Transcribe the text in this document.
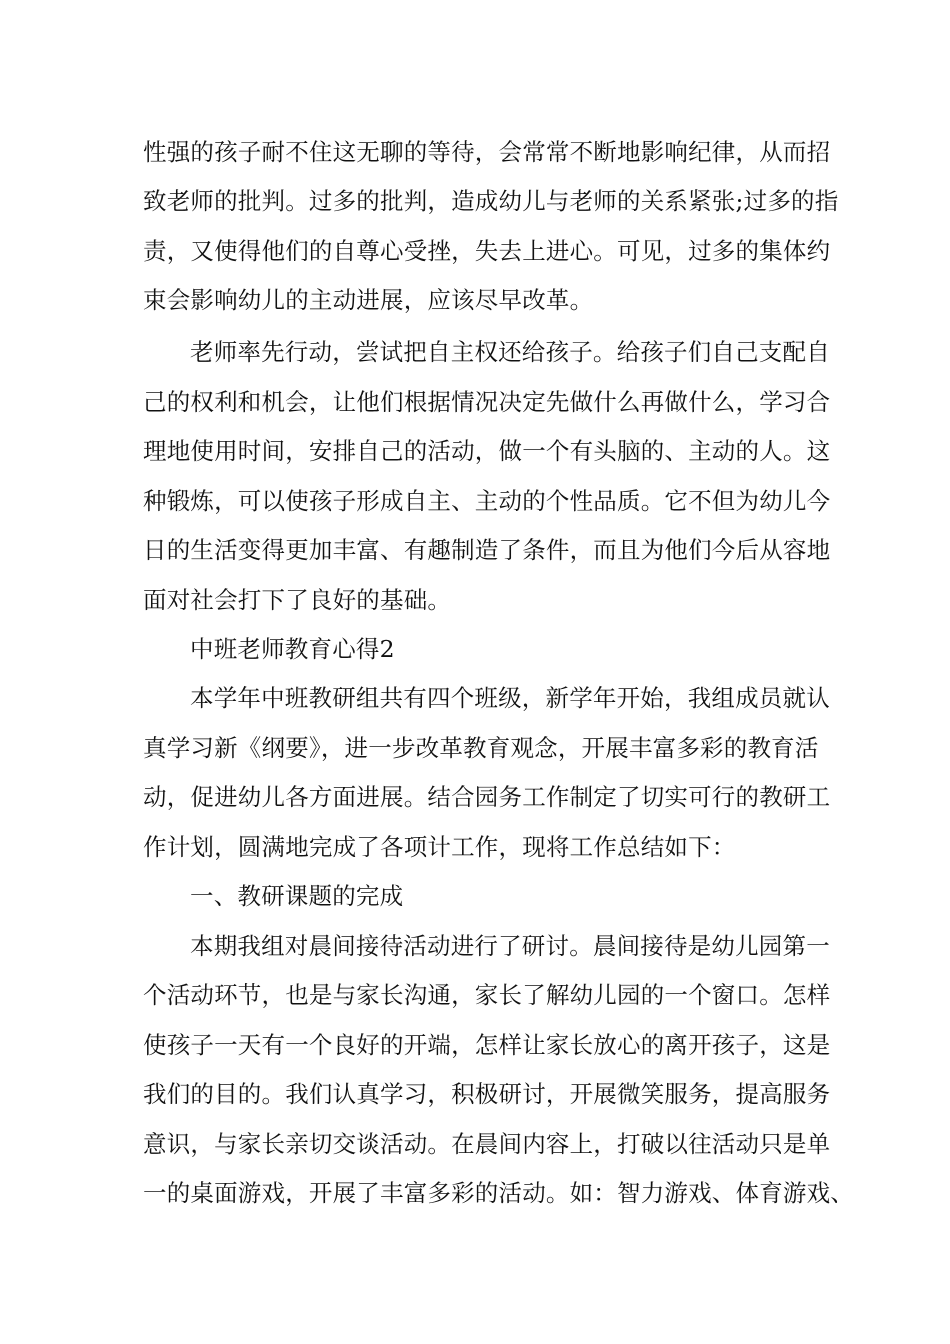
性强的孩子耐不住这无聊的等待，会常常不断地影响纪律，从而招

致老师的批判。过多的批判，造成幼儿与老师的关系紧张;过多的指

责，又使得他们的自尊心受挫，失去上进心。可见，过多的集体约

束会影响幼儿的主动进展，应该尽早改革。

老师率先行动，尝试把自主权还给孩子。给孩子们自己支配自

己的权利和机会，让他们根据情况决定先做什么再做什么，学习合

理地使用时间，安排自己的活动，做一个有头脑的、主动的人。这

种锻炼，可以使孩子形成自主、主动的个性品质。它不但为幼儿今

日的生活变得更加丰富、有趣制造了条件，而且为他们今后从容地

面对社会打下了良好的基础。

中班老师教育心得2

本学年中班教研组共有四个班级，新学年开始，我组成员就认

真学习新《纲要》，进一步改革教育观念，开展丰富多彩的教育活

动，促进幼儿各方面进展。结合园务工作制定了切实可行的教研工

作计划，圆满地完成了各项计工作，现将工作总结如下：

一、教研课题的完成

本期我组对晨间接待活动进行了研讨。晨间接待是幼儿园第一

个活动环节，也是与家长沟通，家长了解幼儿园的一个窗口。怎样

使孩子一天有一个良好的开端，怎样让家长放心的离开孩子，这是

我们的目的。我们认真学习，积极研讨，开展微笑服务，提高服务

意识，与家长亲切交谈活动。在晨间内容上，打破以往活动只是单

一的桌面游戏，开展了丰富多彩的活动。如：智力游戏、体育游戏、
